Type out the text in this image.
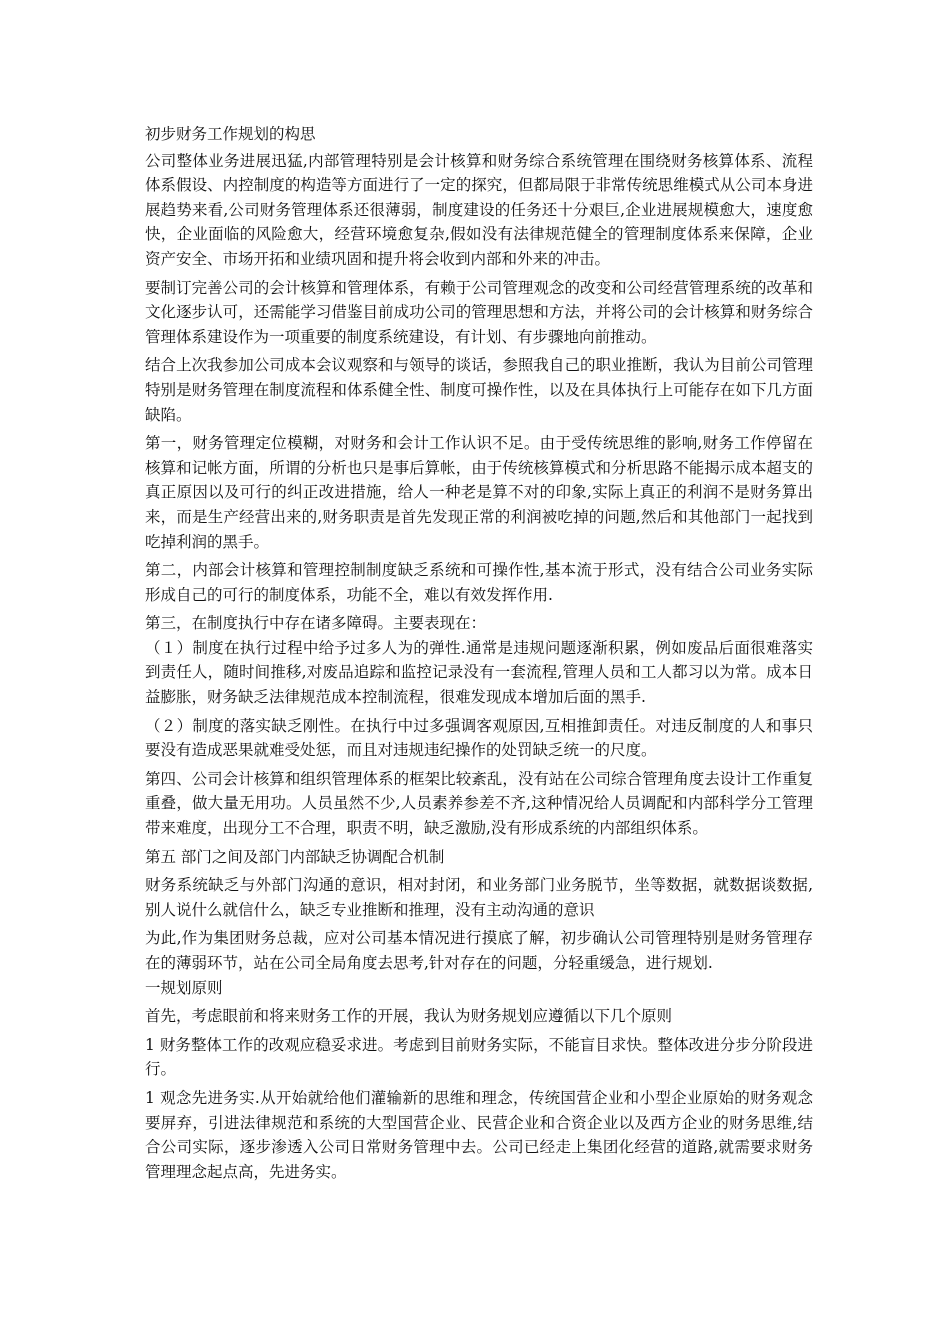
初步财务工作规划的构思

公司整体业务进展迅猛,内部管理特别是会计核算和财务综合系统管理在围绕财务核算体系、流程体系假设、内控制度的构造等方面进行了一定的探究，但都局限于非常传统思维模式从公司本身进展趋势来看,公司财务管理体系还很薄弱，制度建设的任务还十分艰巨,企业进展规模愈大，速度愈快，企业面临的风险愈大，经营环境愈复杂,假如没有法律规范健全的管理制度体系来保障，企业资产安全、市场开拓和业绩巩固和提升将会收到内部和外来的冲击。

要制订完善公司的会计核算和管理体系，有赖于公司管理观念的改变和公司经营管理系统的改革和文化逐步认可，还需能学习借鉴目前成功公司的管理思想和方法，并将公司的会计核算和财务综合管理体系建设作为一项重要的制度系统建设，有计划、有步骤地向前推动。

结合上次我参加公司成本会议观察和与领导的谈话，参照我自己的职业推断，我认为目前公司管理特别是财务管理在制度流程和体系健全性、制度可操作性，以及在具体执行上可能存在如下几方面缺陷。

第一，财务管理定位模糊，对财务和会计工作认识不足。由于受传统思维的影响,财务工作停留在核算和记帐方面，所谓的分析也只是事后算帐，由于传统核算模式和分析思路不能揭示成本超支的真正原因以及可行的纠正改进措施，给人一种老是算不对的印象,实际上真正的利润不是财务算出来，而是生产经营出来的,财务职责是首先发现正常的利润被吃掉的问题,然后和其他部门一起找到吃掉利润的黑手。

第二，内部会计核算和管理控制制度缺乏系统和可操作性,基本流于形式，没有结合公司业务实际形成自己的可行的制度体系，功能不全，难以有效发挥作用.

第三，在制度执行中存在诸多障碍。主要表现在：

（１）制度在执行过程中给予过多人为的弹性.通常是违规问题逐渐积累，例如废品后面很难落实到责任人，随时间推移,对废品追踪和监控记录没有一套流程,管理人员和工人都习以为常。成本日益膨胀，财务缺乏法律规范成本控制流程，很难发现成本增加后面的黑手.

（２）制度的落实缺乏刚性。在执行中过多强调客观原因,互相推卸责任。对违反制度的人和事只要没有造成恶果就难受处惩，而且对违规违纪操作的处罚缺乏统一的尺度。

第四、公司会计核算和组织管理体系的框架比较紊乱，没有站在公司综合管理角度去设计工作重复重叠，做大量无用功。人员虽然不少,人员素养参差不齐,这种情况给人员调配和内部科学分工管理带来难度，出现分工不合理，职责不明，缺乏激励,没有形成系统的内部组织体系。

第五 部门之间及部门内部缺乏协调配合机制

财务系统缺乏与外部门沟通的意识，相对封闭，和业务部门业务脱节，坐等数据，就数据谈数据,别人说什么就信什么，缺乏专业推断和推理，没有主动沟通的意识

为此,作为集团财务总裁，应对公司基本情况进行摸底了解，初步确认公司管理特别是财务管理存在的薄弱环节，站在公司全局角度去思考,针对存在的问题，分轻重缓急，进行规划.

一规划原则

首先，考虑眼前和将来财务工作的开展，我认为财务规划应遵循以下几个原则

1 财务整体工作的改观应稳妥求进。考虑到目前财务实际，不能盲目求快。整体改进分步分阶段进行。

1 观念先进务实.从开始就给他们灌输新的思维和理念，传统国营企业和小型企业原始的财务观念要屏弃，引进法律规范和系统的大型国营企业、民营企业和合资企业以及西方企业的财务思维,结合公司实际，逐步渗透入公司日常财务管理中去。公司已经走上集团化经营的道路,就需要求财务管理理念起点高，先进务实。
